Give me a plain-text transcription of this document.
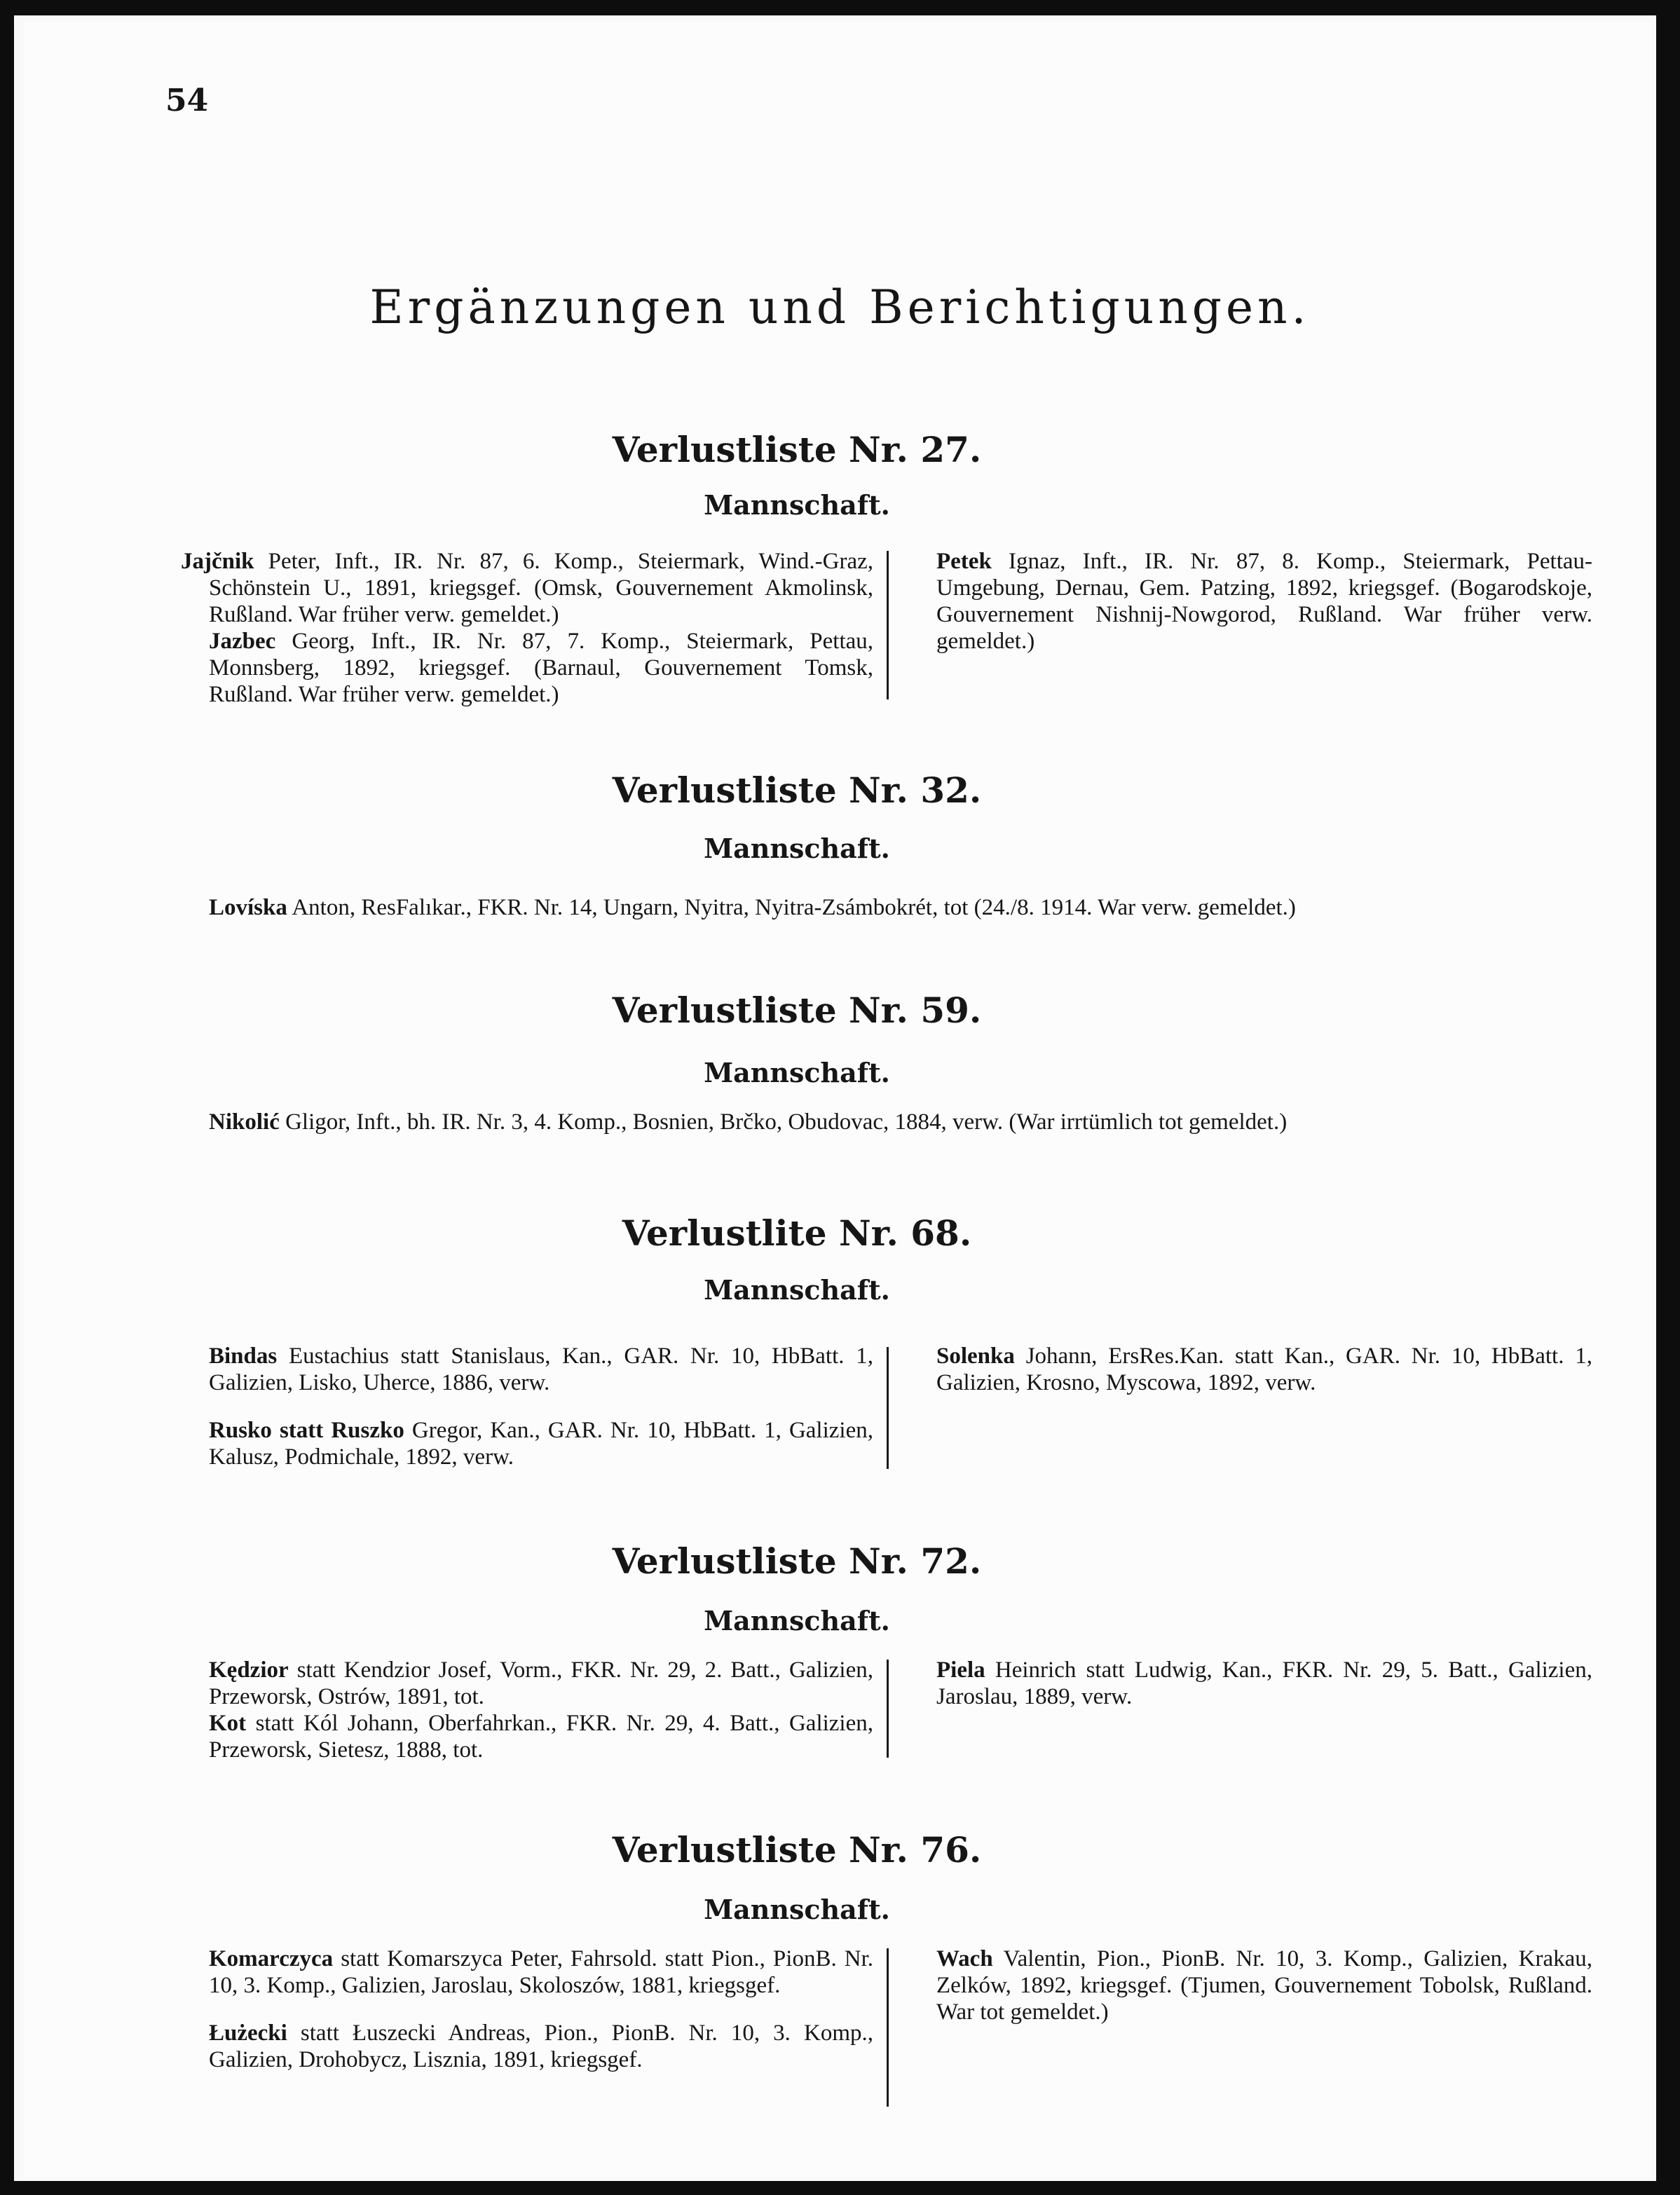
54
Ergänzungen und Berichtigungen.
Verlustliste Nr. 27.
Mannschaft.
Jajčnik Peter, Inft., IR. Nr. 87, 6. Komp., Steiermark, Wind.-Graz, Schönstein U., 1891, kriegsgef. (Omsk, Gouvernement Akmolinsk, Rußland. War früher verw. gemeldet.)
Jazbec Georg, Inft., IR. Nr. 87, 7. Komp., Steiermark, Pettau, Monnsberg, 1892, kriegsgef. (Barnaul, Gouvernement Tomsk, Rußland. War früher verw. gemeldet.)
Petek Ignaz, Inft., IR. Nr. 87, 8. Komp., Steiermark, Pettau-Umgebung, Dernau, Gem. Patzing, 1892, kriegsgef. (Bogarodskoje, Gouvernement Nishnij-Nowgorod, Rußland. War früher verw. gemeldet.)
Verlustliste Nr. 32.
Mannschaft.
Lovíska Anton, ResFalıkar., FKR. Nr. 14, Ungarn, Nyitra, Nyitra-Zsámbokrét, tot (24./8. 1914. War verw. gemeldet.)
Verlustliste Nr. 59.
Mannschaft.
Nikolić Gligor, Inft., bh. IR. Nr. 3, 4. Komp., Bosnien, Brčko, Obudovac, 1884, verw. (War irrtümlich tot gemeldet.)
Verlustlite Nr. 68.
Mannschaft.
Bindas Eustachius statt Stanislaus, Kan., GAR. Nr. 10, HbBatt. 1, Galizien, Lisko, Uherce, 1886, verw.
Rusko statt Ruszko Gregor, Kan., GAR. Nr. 10, HbBatt. 1, Galizien, Kalusz, Podmichale, 1892, verw.
Solenka Johann, ErsRes.Kan. statt Kan., GAR. Nr. 10, HbBatt. 1, Galizien, Krosno, Myscowa, 1892, verw.
Verlustliste Nr. 72.
Mannschaft.
Kędzior statt Kendzior Josef, Vorm., FKR. Nr. 29, 2. Batt., Galizien, Przeworsk, Ostrów, 1891, tot.
Kot statt Kól Johann, Oberfahrkan., FKR. Nr. 29, 4. Batt., Galizien, Przeworsk, Sietesz, 1888, tot.
Piela Heinrich statt Ludwig, Kan., FKR. Nr. 29, 5. Batt., Galizien, Jaroslau, 1889, verw.
Verlustliste Nr. 76.
Mannschaft.
Komarczyca statt Komarszyca Peter, Fahrsold. statt Pion., PionB. Nr. 10, 3. Komp., Galizien, Jaroslau, Skoloszów, 1881, kriegsgef.
Łużecki statt Łuszecki Andreas, Pion., PionB. Nr. 10, 3. Komp., Galizien, Drohobycz, Lisznia, 1891, kriegsgef.
Wach Valentin, Pion., PionB. Nr. 10, 3. Komp., Galizien, Krakau, Zelków, 1892, kriegsgef. (Tjumen, Gouvernement Tobolsk, Rußland. War tot gemeldet.)
